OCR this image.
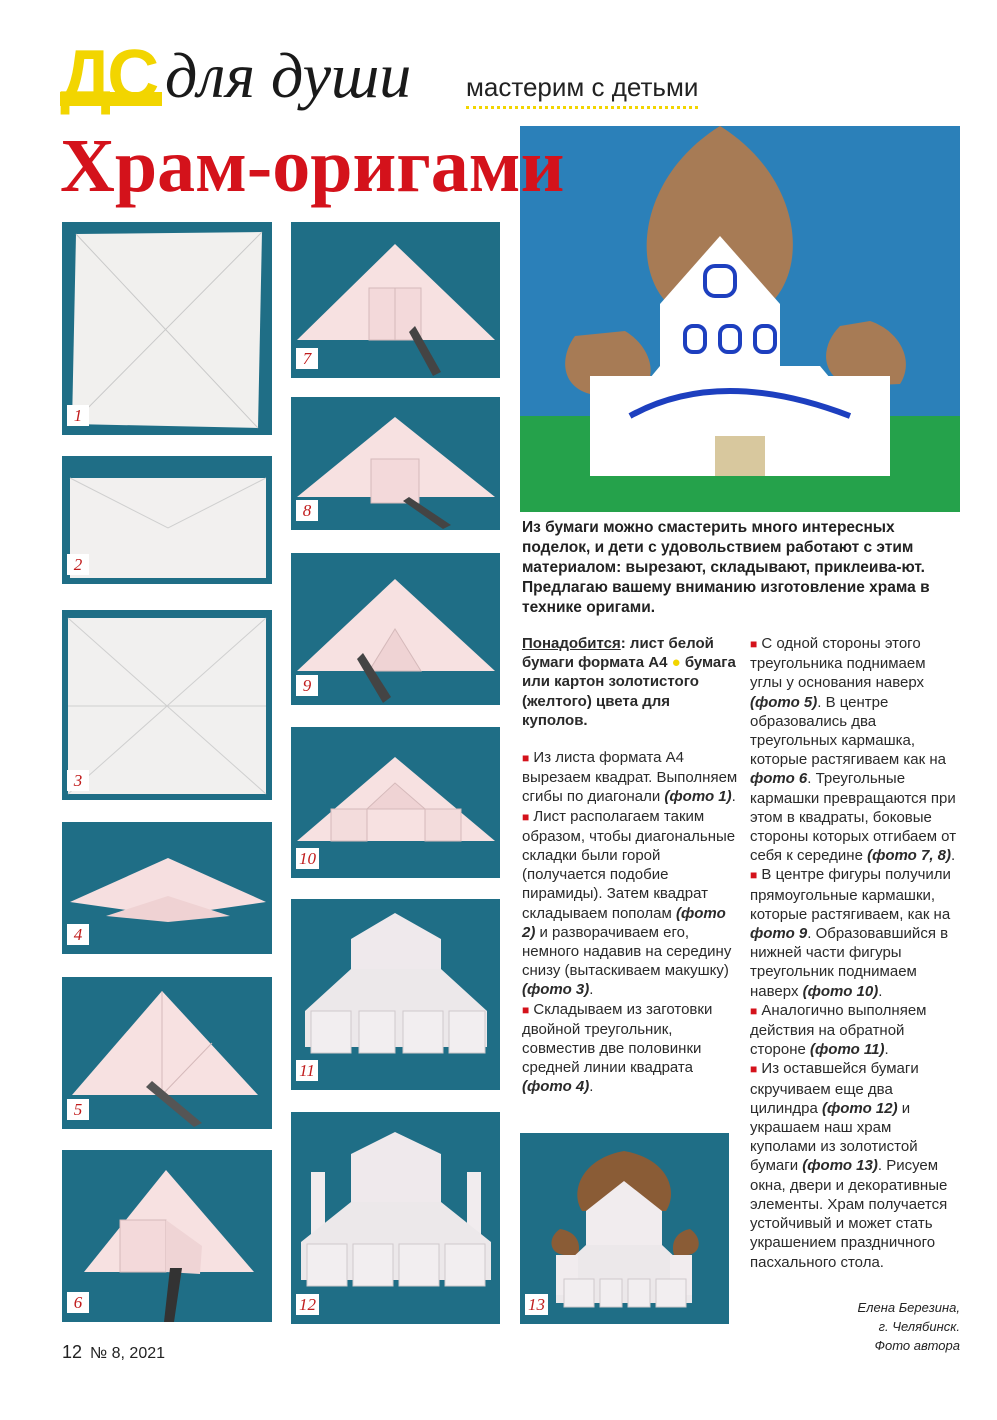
ДС для души мастерим с детьми
Храм-оригами
1
2
3
4
5
6
7
8
9
10
11
12	13
Из бумаги можно смастерить много интересных поделок, и дети с удовольствием работают с этим материалом: вырезают, складывают, приклеива-ют. Предлагаю вашему вниманию изготовление храма в технике оригами.

Понадобится: лист белой бумаги формата А4 ● бумага или картон золотистого (желтого) цвета для куполов.

■ Из листа формата А4 вырезаем квадрат. Выполняем сгибы по диагонали (фото 1).

■ Лист располагаем таким образом, чтобы диагональные складки были горой (получается подобие пирамиды). Затем квадрат складываем пополам (фото 2) и разворачиваем его, немного надавив на середину снизу (вытаскиваем макушку) (фото 3).

■ Складываем из заготовки двойной треугольник, совместив две половинки средней линии квадрата (фото 4).

■ С одной стороны этого треугольника поднимаем углы у основания наверх (фото 5). В центре образовались два треугольных кармашка, которые растягиваем как на фото 6. Треугольные кармашки превращаются при этом в квадраты, боковые стороны которых отгибаем от себя к середине (фото 7, 8).

■ В центре фигуры получили прямоугольные кармашки, которые растягиваем, как на фото 9. Образовавшийся в нижней части фигуры треугольник поднимаем наверх (фото 10).

■ Аналогично выполняем действия на обратной стороне (фото 11).

■ Из оставшейся бумаги скручиваем еще два цилиндра (фото 12) и украшаем наш храм куполами из золотистой бумаги (фото 13). Рисуем окна, двери и декоративные элементы. Храм получается устойчивый и может стать украшением праздничного пасхального стола.

Елена Березина,
г. Челябинск.
Фото автора
12 № 8, 2021
